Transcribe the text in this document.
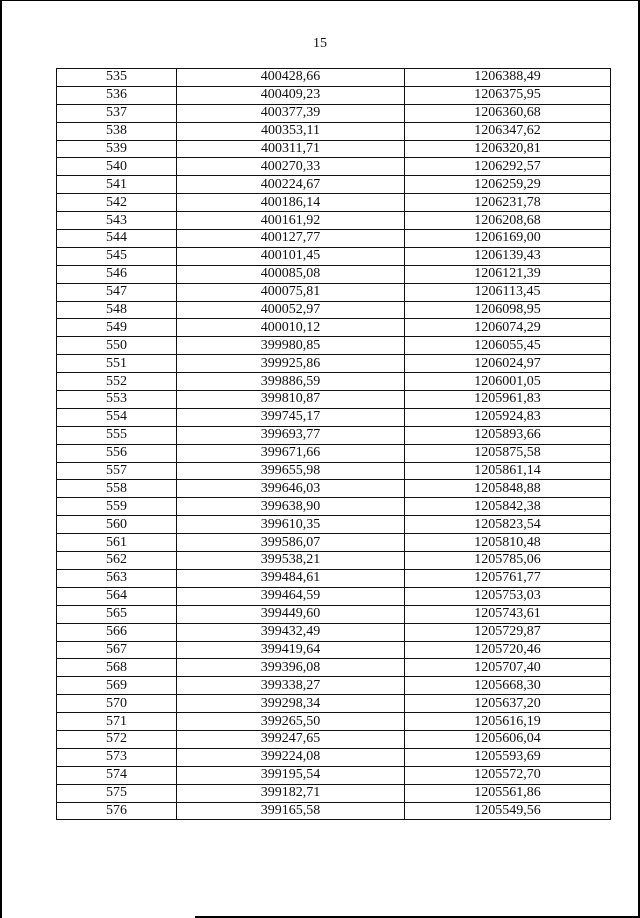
15
535	400428,66	1206388,49
536	400409,23	1206375,95
537	400377,39	1206360,68
538	400353,11	1206347,62
539	400311,71	1206320,81
540	400270,33	1206292,57
541	400224,67	1206259,29
542	400186,14	1206231,78
543	400161,92	1206208,68
544	400127,77	1206169,00
545	400101,45	1206139,43
546	400085,08	1206121,39
547	400075,81	1206113,45
548	400052,97	1206098,95
549	400010,12	1206074,29
550	399980,85	1206055,45
551	399925,86	1206024,97
552	399886,59	1206001,05
553	399810,87	1205961,83
554	399745,17	1205924,83
555	399693,77	1205893,66
556	399671,66	1205875,58
557	399655,98	1205861,14
558	399646,03	1205848,88
559	399638,90	1205842,38
560	399610,35	1205823,54
561	399586,07	1205810,48
562	399538,21	1205785,06
563	399484,61	1205761,77
564	399464,59	1205753,03
565	399449,60	1205743,61
566	399432,49	1205729,87
567	399419,64	1205720,46
568	399396,08	1205707,40
569	399338,27	1205668,30
570	399298,34	1205637,20
571	399265,50	1205616,19
572	399247,65	1205606,04
573	399224,08	1205593,69
574	399195,54	1205572,70
575	399182,71	1205561,86
576	399165,58	1205549,56
